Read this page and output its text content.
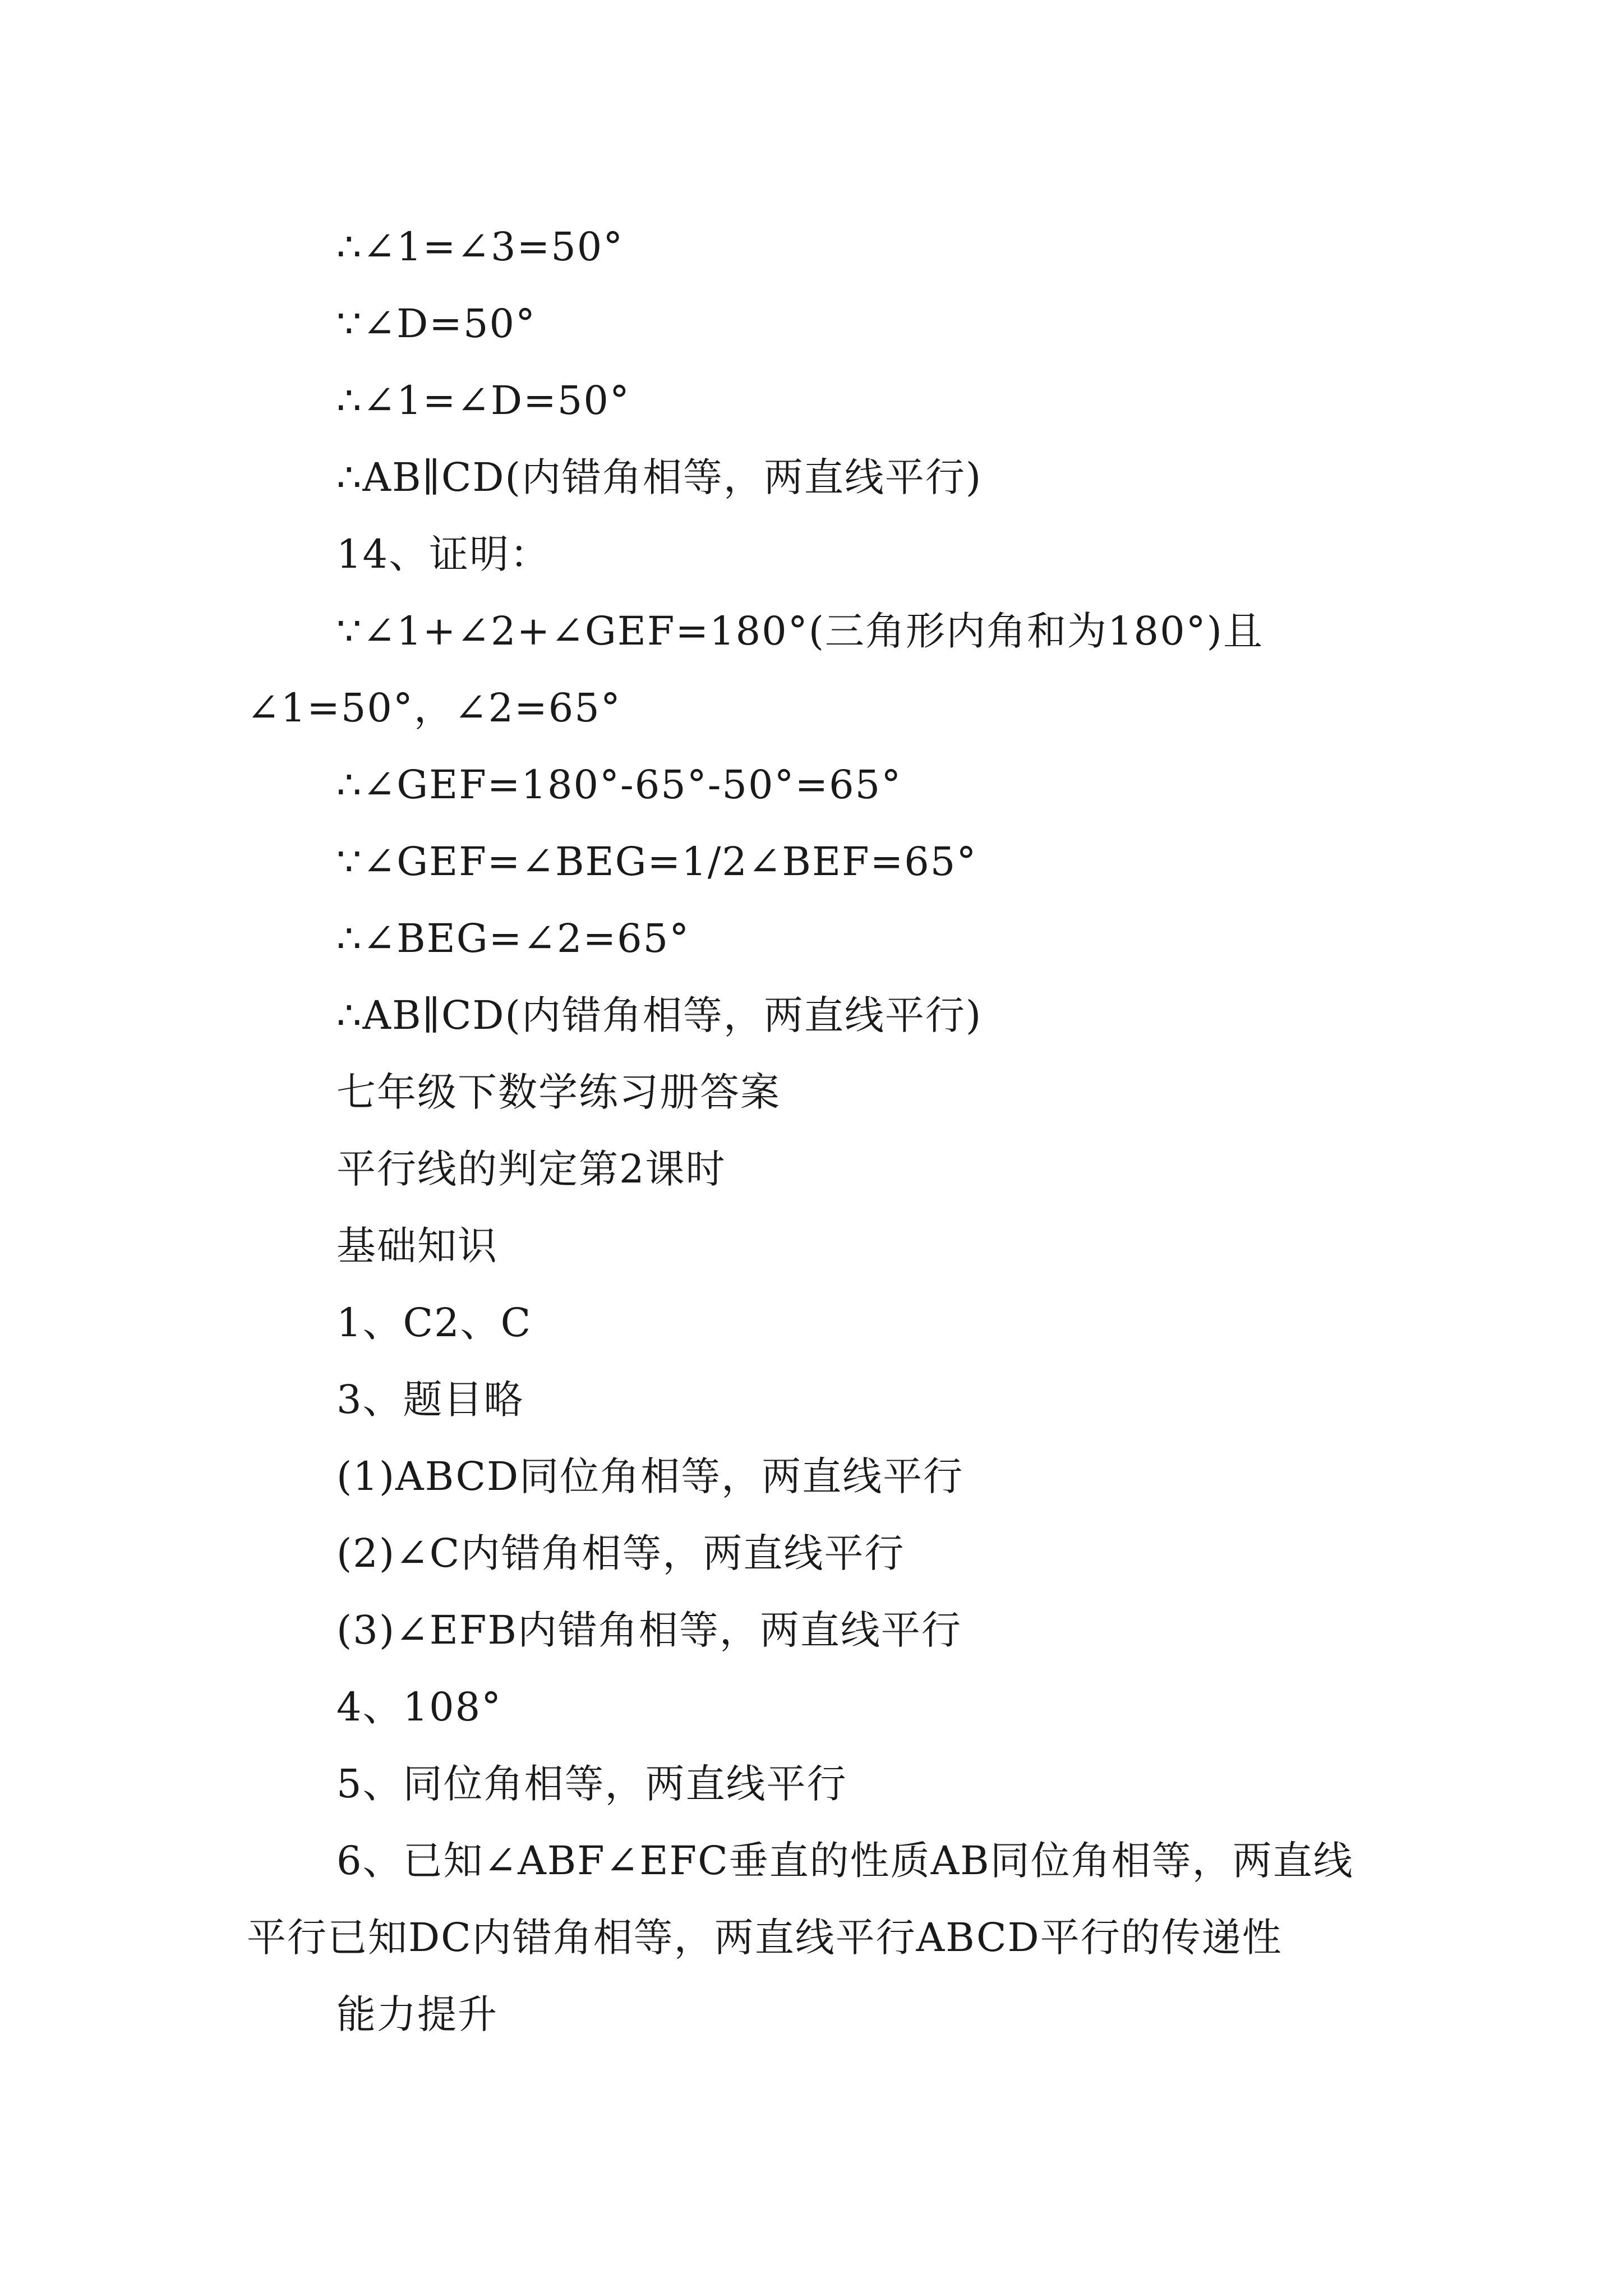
∴∠1=∠3=50°
∵∠D=50°
∴∠1=∠D=50°
∴AB∥CD(内错角相等，两直线平行)
14、证明：
∵∠1+∠2+∠GEF=180°(三角形内角和为180°)且∠1=50°，∠2=65°
∴∠GEF=180°-65°-50°=65°
∵∠GEF=∠BEG=1/2∠BEF=65°
∴∠BEG=∠2=65°
∴AB∥CD(内错角相等，两直线平行)
七年级下数学练习册答案
平行线的判定第2课时
基础知识
1、C2、C
3、题目略
(1)ABCD同位角相等，两直线平行
(2)∠C内错角相等，两直线平行
(3)∠EFB内错角相等，两直线平行
4、108°
5、同位角相等，两直线平行
6、已知∠ABF∠EFC垂直的性质AB同位角相等，两直线平行已知DC内错角相等，两直线平行ABCD平行的传递性
能力提升
